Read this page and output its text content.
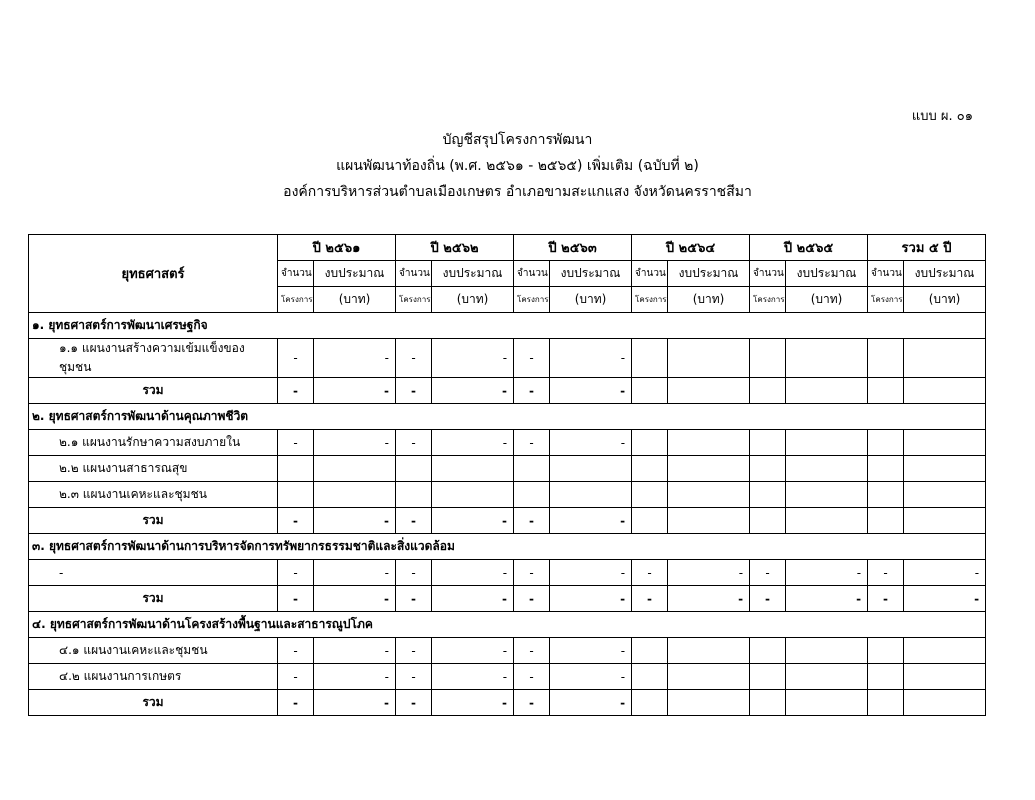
แบบ ผ. ๐๑
บัญชีสรุปโครงการพัฒนา
แผนพัฒนาท้องถิ่น (พ.ศ. ๒๕๖๑ - ๒๕๖๕) เพิ่มเติม (ฉบับที่ ๒)
องค์การบริหารส่วนตำบลเมืองเกษตร อำเภอขามสะแกแสง จังหวัดนครราชสีมา
ยุทธศาสตร์	ปี ๒๕๖๑		ปี ๒๕๖๒		ปี ๒๕๖๓		ปี ๒๕๖๔		ปี ๒๕๖๕		รวม ๕ ปี	
	จำนวน	งบประมาณ	จำนวน	งบประมาณ	จำนวน	งบประมาณ	จำนวน	งบประมาณ	จำนวน	งบประมาณ	จำนวน	งบประมาณ
	โครงการ	(บาท)	โครงการ	(บาท)	โครงการ	(บาท)	โครงการ	(บาท)	โครงการ	(บาท)	โครงการ	(บาท)
๑. ยุทธศาสตร์การพัฒนาเศรษฐกิจ												
๑.๑ แผนงานสร้างความเข้มแข็งของชุมชน	-	-	-	-	-	-						
รวม	-	-	-	-	-	-						
๒. ยุทธศาสตร์การพัฒนาด้านคุณภาพชีวิต												
๒.๑ แผนงานรักษาความสงบภายใน	-	-	-	-	-	-						
๒.๒ แผนงานสาธารณสุข												
๒.๓ แผนงานเคหะและชุมชน												
รวม	-	-	-	-	-	-						
๓. ยุทธศาสตร์การพัฒนาด้านการบริหารจัดการทรัพยากรธรรมชาติและสิ่งแวดล้อม												
-	-	-	-	-	-	-	-	-	-	-	-	-
รวม	-	-	-	-	-	-	-	-	-	-	-	-
๔. ยุทธศาสตร์การพัฒนาด้านโครงสร้างพื้นฐานและสาธารณูปโภค												
๔.๑ แผนงานเคหะและชุมชน	-	-	-	-	-	-						
๔.๒ แผนงานการเกษตร	-	-	-	-	-	-						
รวม	-	-	-	-	-	-						
